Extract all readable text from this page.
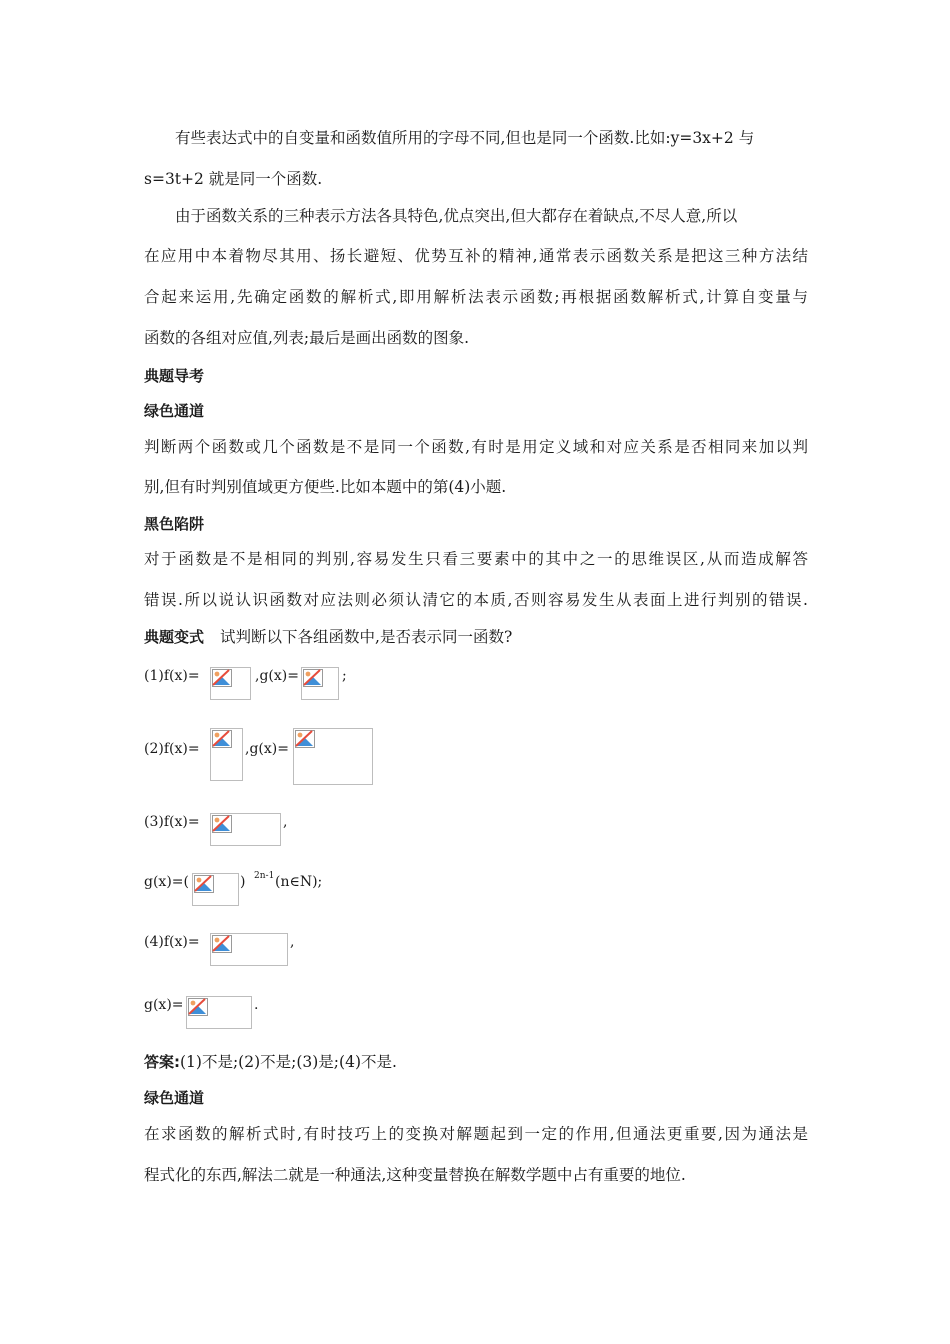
有些表达式中的自变量和函数值所用的字母不同,但也是同一个函数.比如:y=3x+2 与
s=3t+2 就是同一个函数.
由于函数关系的三种表示方法各具特色,优点突出,但大都存在着缺点,不尽人意,所以
在应用中本着物尽其用、扬长避短、优势互补的精神,通常表示函数关系是把这三种方法结
合起来运用,先确定函数的解析式,即用解析法表示函数;再根据函数解析式,计算自变量与
函数的各组对应值,列表;最后是画出函数的图象.
典题导考
绿色通道
判断两个函数或几个函数是不是同一个函数,有时是用定义域和对应关系是否相同来加以判
别,但有时判别值域更方便些.比如本题中的第(4)小题.
黑色陷阱
对于函数是不是相同的判别,容易发生只看三要素中的其中之一的思维误区,从而造成解答
错误.所以说认识函数对应法则必须认清它的本质,否则容易发生从表面上进行判别的错误.
典题变式 试判断以下各组函数中,是否表示同一函数?
(1)f(x)=	,g(x)=	;
(2)f(x)=	,g(x)=
(3)f(x)=	,
g(x)=(	) 2n-1 (n∈N);
(4)f(x)=	,
g(x)=	.
答案:(1)不是;(2)不是;(3)是;(4)不是.
绿色通道
在求函数的解析式时,有时技巧上的变换对解题起到一定的作用,但通法更重要,因为通法是
程式化的东西,解法二就是一种通法,这种变量替换在解数学题中占有重要的地位.
